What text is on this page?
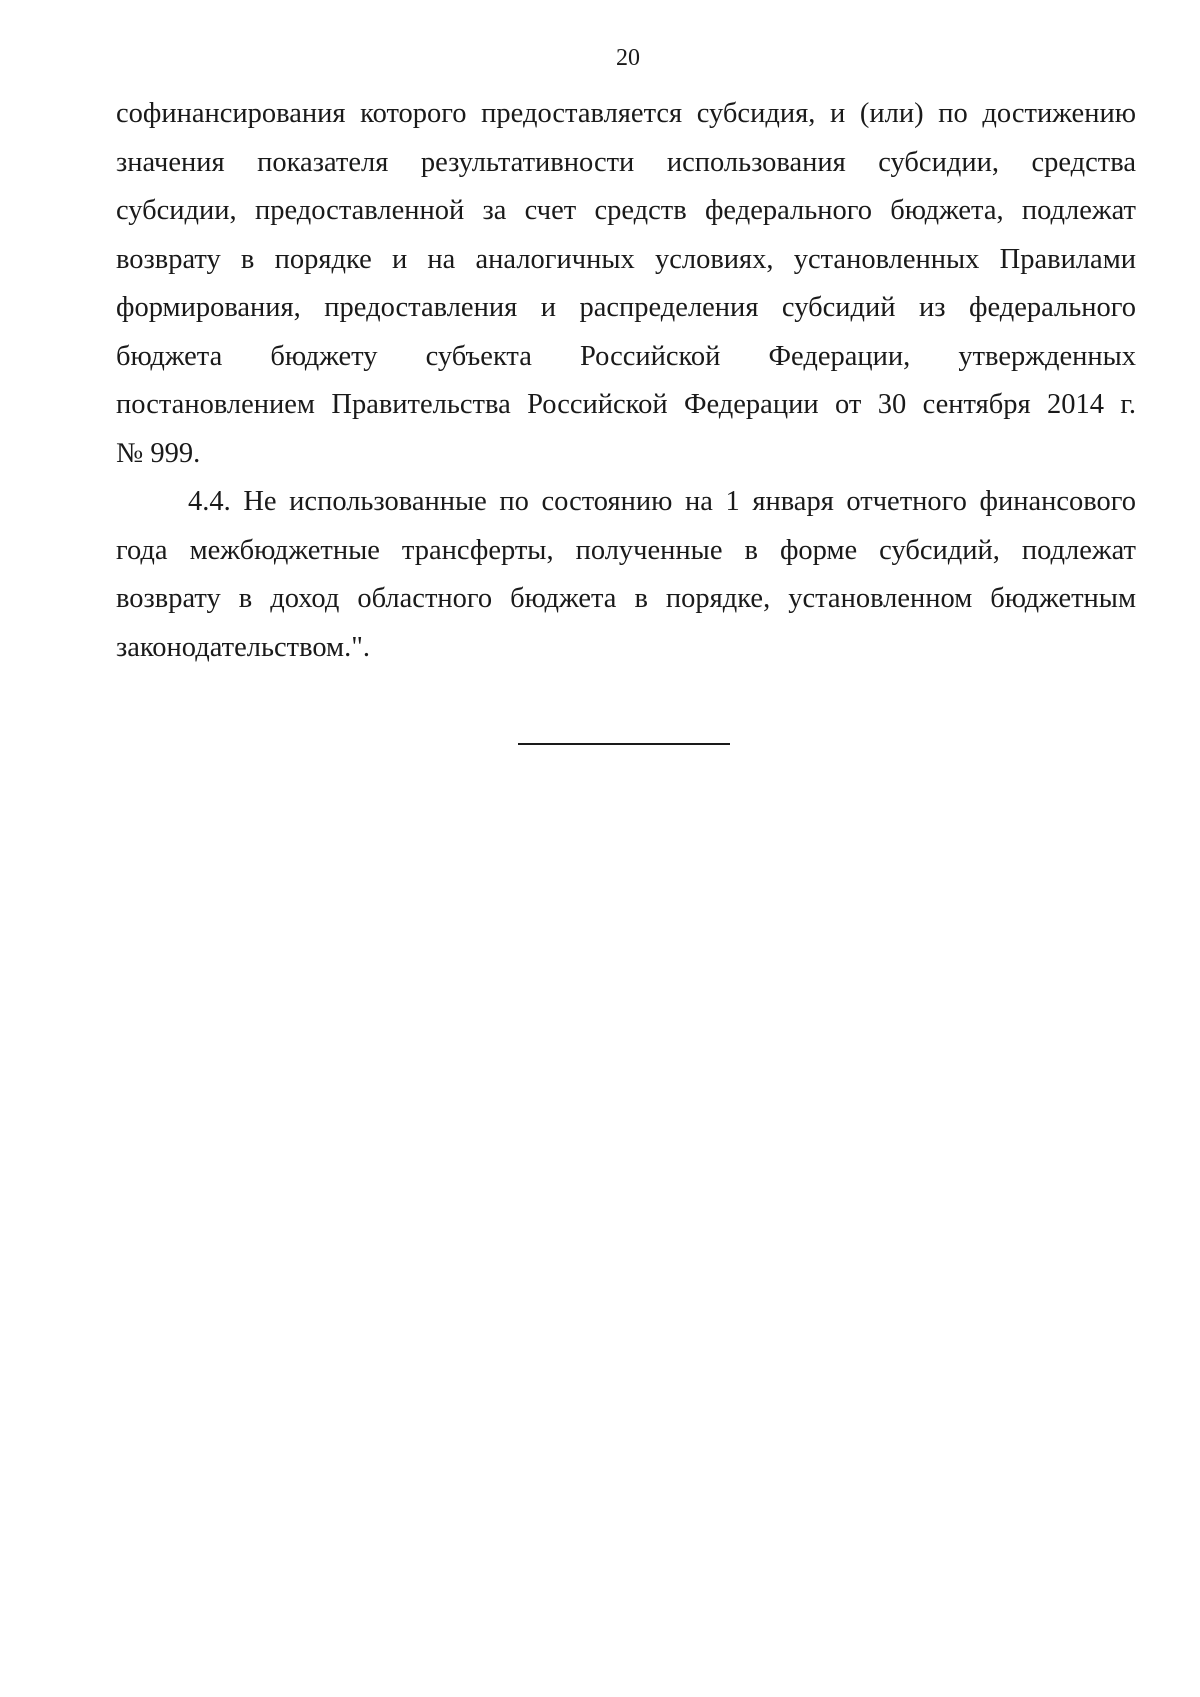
20

софинансирования которого предоставляется субсидия, и (или) по достижению
значения показателя результативности использования субсидии, средства
субсидии, предоставленной за счет средств федерального бюджета, подлежат
возврату в порядке и на аналогичных условиях, установленных Правилами
формирования, предоставления и распределения субсидий из федерального
бюджета бюджету субъекта Российской Федерации, утвержденных
постановлением Правительства Российской Федерации от 30 сентября 2014 г.
№ 999.

4.4. Не использованные по состоянию на 1 января отчетного финансового
года межбюджетные трансферты, полученные в форме субсидий, подлежат
возврату в доход областного бюджета в порядке, установленном бюджетным
законодательством.".
